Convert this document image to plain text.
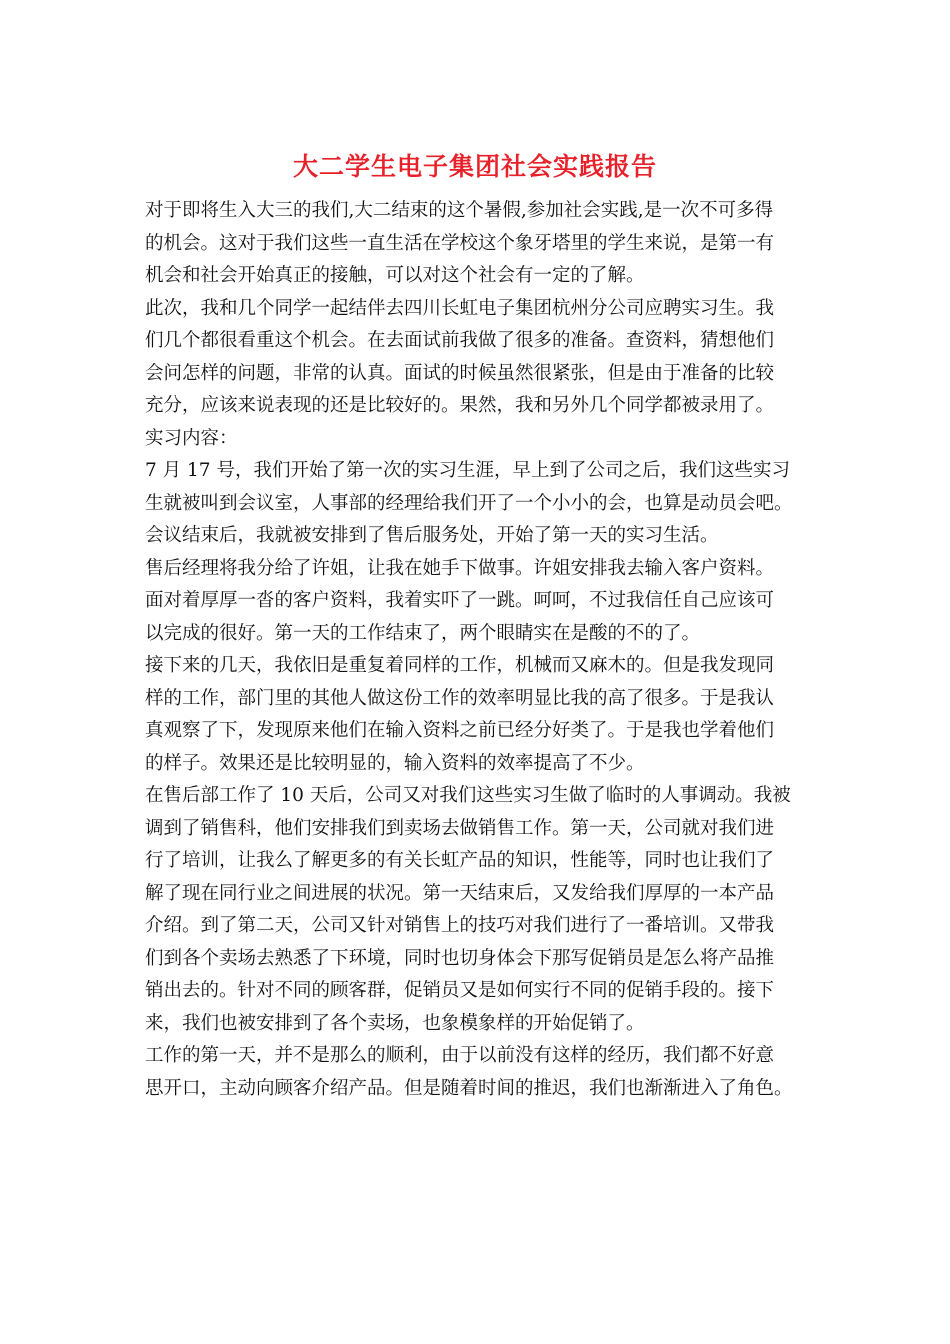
大二学生电子集团社会实践报告
对于即将生入大三的我们,大二结束的这个暑假,参加社会实践,是一次不可多得
的机会。这对于我们这些一直生活在学校这个象牙塔里的学生来说，是第一有
机会和社会开始真正的接触，可以对这个社会有一定的了解。
此次，我和几个同学一起结伴去四川长虹电子集团杭州分公司应聘实习生。我
们几个都很看重这个机会。在去面试前我做了很多的准备。查资料，猜想他们
会问怎样的问题，非常的认真。面试的时候虽然很紧张，但是由于准备的比较
充分，应该来说表现的还是比较好的。果然，我和另外几个同学都被录用了。
实习内容：
7 月 17 号，我们开始了第一次的实习生涯，早上到了公司之后，我们这些实习
生就被叫到会议室，人事部的经理给我们开了一个小小的会，也算是动员会吧。
会议结束后，我就被安排到了售后服务处，开始了第一天的实习生活。
售后经理将我分给了许姐，让我在她手下做事。许姐安排我去输入客户资料。
面对着厚厚一沓的客户资料，我着实吓了一跳。呵呵，不过我信任自己应该可
以完成的很好。第一天的工作结束了，两个眼睛实在是酸的不的了。
接下来的几天，我依旧是重复着同样的工作，机械而又麻木的。但是我发现同
样的工作，部门里的其他人做这份工作的效率明显比我的高了很多。于是我认
真观察了下，发现原来他们在输入资料之前已经分好类了。于是我也学着他们
的样子。效果还是比较明显的，输入资料的效率提高了不少。
在售后部工作了 10 天后，公司又对我们这些实习生做了临时的人事调动。我被
调到了销售科，他们安排我们到卖场去做销售工作。第一天，公司就对我们进
行了培训，让我么了解更多的有关长虹产品的知识，性能等，同时也让我们了
解了现在同行业之间进展的状况。第一天结束后，又发给我们厚厚的一本产品
介绍。到了第二天，公司又针对销售上的技巧对我们进行了一番培训。又带我
们到各个卖场去熟悉了下环境，同时也切身体会下那写促销员是怎么将产品推
销出去的。针对不同的顾客群，促销员又是如何实行不同的促销手段的。接下
来，我们也被安排到了各个卖场，也象模象样的开始促销了。
工作的第一天，并不是那么的顺利，由于以前没有这样的经历，我们都不好意
思开口，主动向顾客介绍产品。但是随着时间的推迟，我们也渐渐进入了角色。
